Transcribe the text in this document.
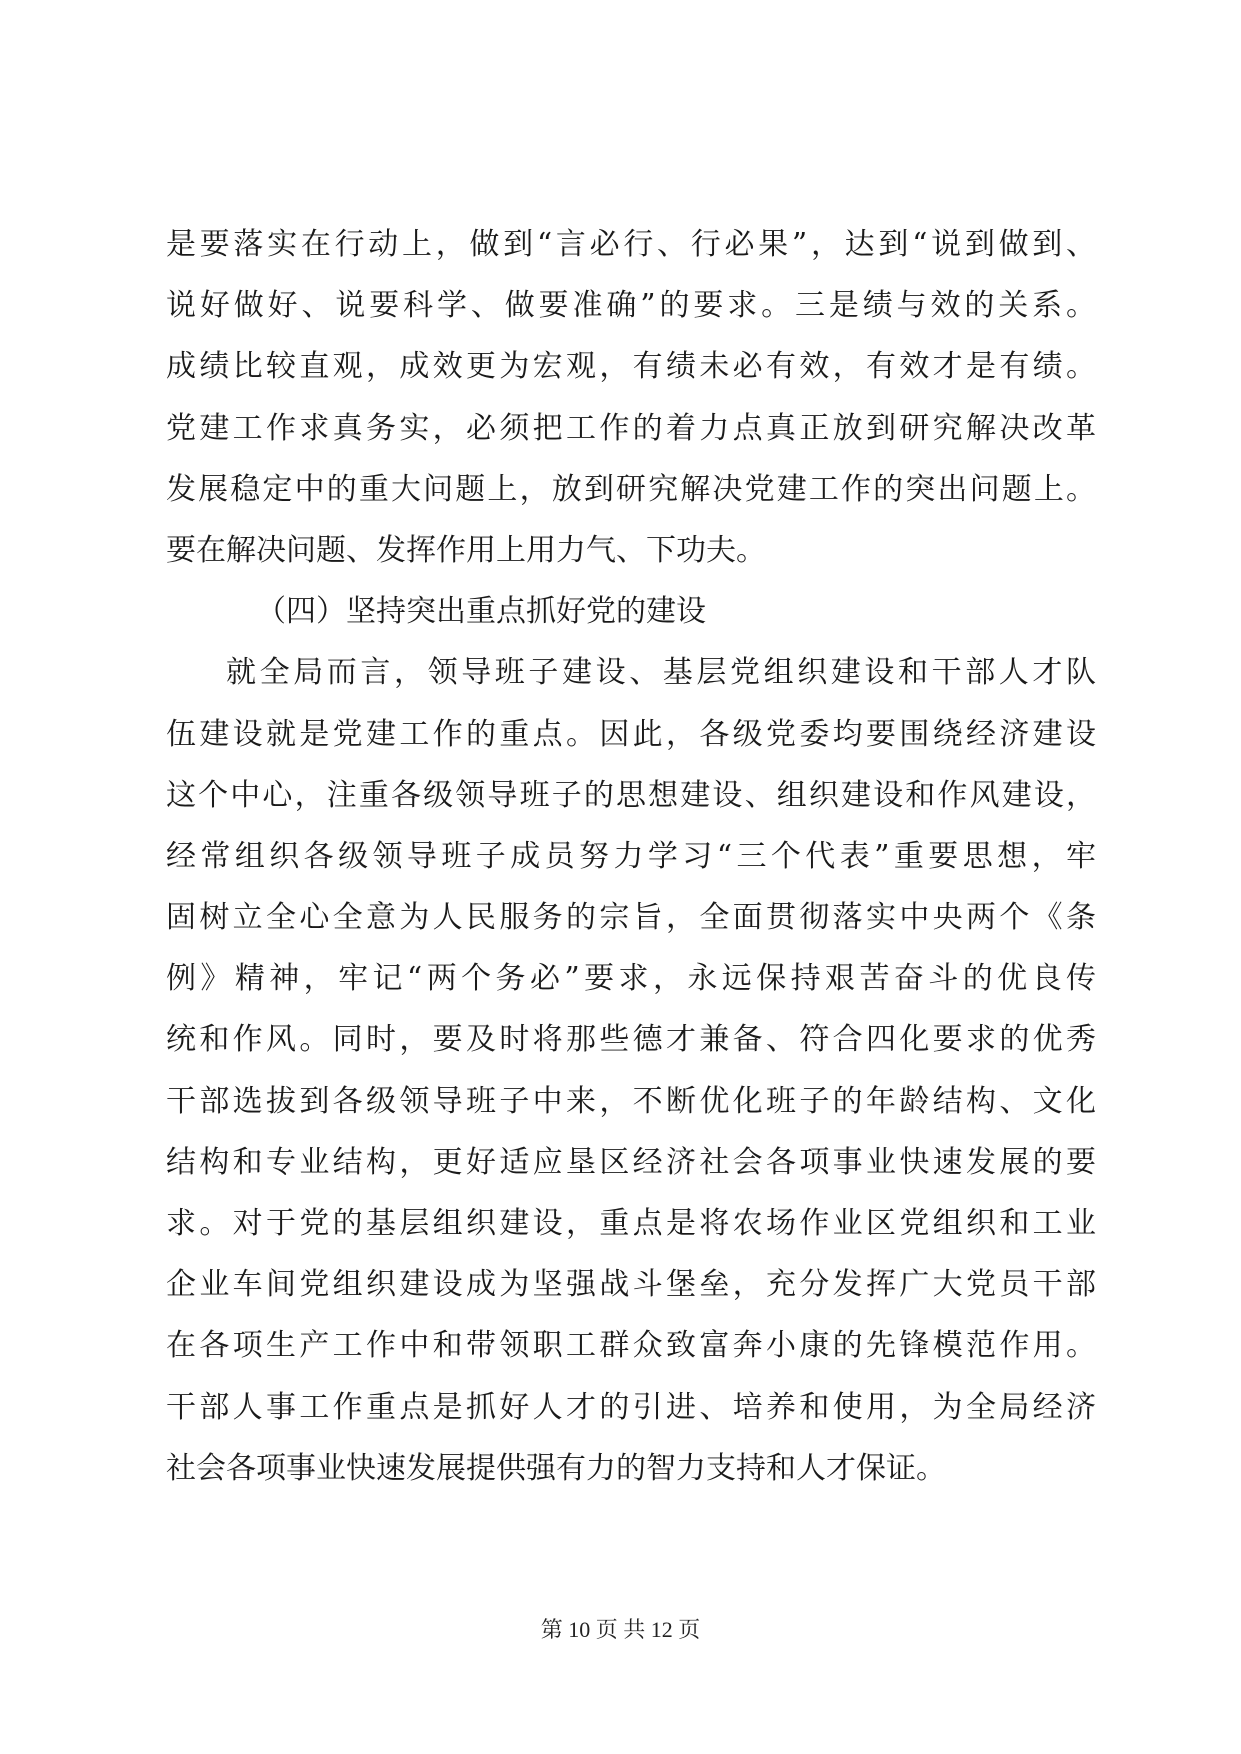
是要落实在行动上，做到“言必行、行必果”，达到“说到做到、
说好做好、说要科学、做要准确”的要求。三是绩与效的关系。
成绩比较直观，成效更为宏观，有绩未必有效，有效才是有绩。
党建工作求真务实，必须把工作的着力点真正放到研究解决改革
发展稳定中的重大问题上，放到研究解决党建工作的突出问题上。
要在解决问题、发挥作用上用力气、下功夫。
（四）坚持突出重点抓好党的建设
就全局而言，领导班子建设、基层党组织建设和干部人才队
伍建设就是党建工作的重点。因此，各级党委均要围绕经济建设
这个中心，注重各级领导班子的思想建设、组织建设和作风建设，
经常组织各级领导班子成员努力学习“三个代表”重要思想，牢
固树立全心全意为人民服务的宗旨，全面贯彻落实中央两个《条
例》精神，牢记“两个务必”要求，永远保持艰苦奋斗的优良传
统和作风。同时，要及时将那些德才兼备、符合四化要求的优秀
干部选拔到各级领导班子中来，不断优化班子的年龄结构、文化
结构和专业结构，更好适应垦区经济社会各项事业快速发展的要
求。对于党的基层组织建设，重点是将农场作业区党组织和工业
企业车间党组织建设成为坚强战斗堡垒，充分发挥广大党员干部
在各项生产工作中和带领职工群众致富奔小康的先锋模范作用。
干部人事工作重点是抓好人才的引进、培养和使用，为全局经济
社会各项事业快速发展提供强有力的智力支持和人才保证。
第 10 页 共 12 页
